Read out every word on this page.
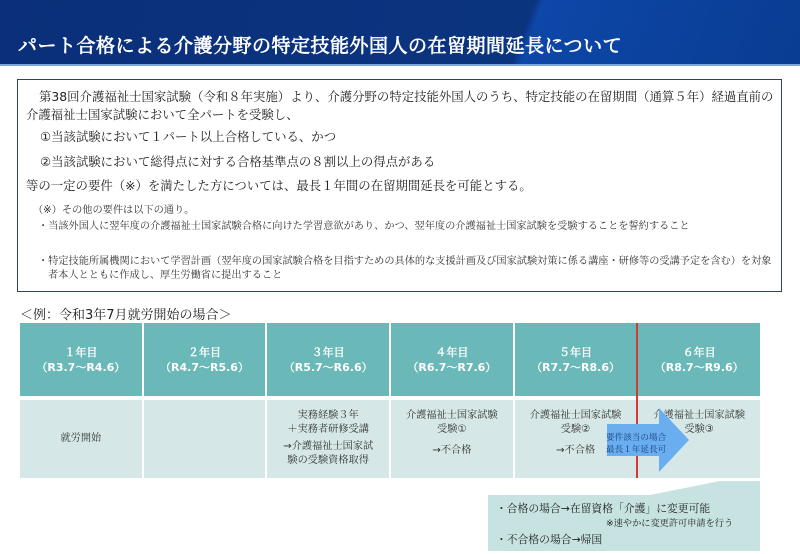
パート合格による介護分野の特定技能外国人の在留期間延長について
第38回介護福祉士国家試験（令和８年実施）より、介護分野の特定技能外国人のうち、特定技能の在留期間（通算５年）経過直前の介護福祉士国家試験において全パートを受験し、
①当該試験において１パート以上合格している、かつ
②当該試験において総得点に対する合格基準点の８割以上の得点がある
等の一定の要件（※）を満たした方については、最長１年間の在留期間延長を可能とする。
（※）その他の要件は以下の通り。
・当該外国人に翌年度の介護福祉士国家試験合格に向けた学習意欲があり、かつ、翌年度の介護福祉士国家試験を受験することを誓約すること
・特定技能所属機関において学習計画（翌年度の国家試験合格を目指すための具体的な支援計画及び国家試験対策に係る講座・研修等の受講予定を含む）を対象者本人とともに作成し、厚生労働省に提出すること
＜例：令和3年7月就労開始の場合＞
１年目
（R3.7～R4.6）
２年目
（R4.7～R5.6）
３年目
（R5.7～R6.6）
４年目
（R6.7～R7.6）
５年目
（R7.7～R8.6）
６年目
（R8.7～R9.6）
就労開始
実務経験３年
＋実務者研修受講
→介護福祉士国家試
験の受験資格取得
介護福祉士国家試験
受験①
→不合格
介護福祉士国家試験
受験②
→不合格
介護福祉士国家試験
受験③
要件該当の場合
最長１年延長可
・合格の場合→在留資格「介護」に変更可能
※速やかに変更許可申請を行う
・不合格の場合→帰国
